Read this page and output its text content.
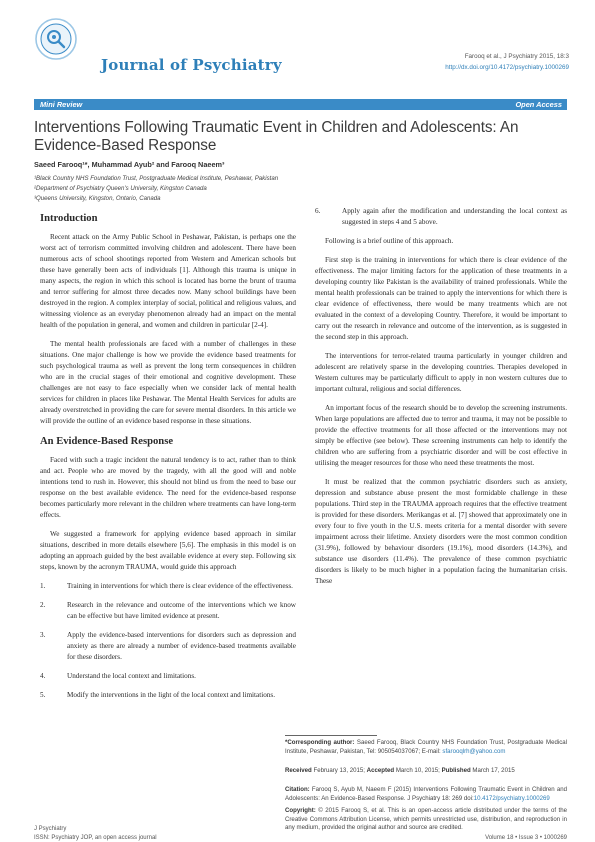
Journal of Psychiatry	Farooq et al., J Psychiatry 2015, 18:3
http://dx.doi.org/10.4172/psychiatry.1000269
Mini Review	Open Access
Interventions Following Traumatic Event in Children and Adolescents: An Evidence-Based Response
Saeed Farooq¹*, Muhammad Ayub² and Farooq Naeem³
¹Black Country NHS Foundation Trust, Postgraduate Medical Institute, Peshawar, Pakistan
²Department of Psychiatry Queen's University, Kingston Canada
³Queens University, Kingston, Ontario, Canada
Introduction

Recent attack on the Army Public School in Peshawar, Pakistan, is perhaps one the worst act of terrorism committed involving children and adolescent. There have been numerous acts of school shootings reported from Western and American schools but these have generally been acts of individuals [1]. Although this trauma is unique in many aspects, the region in which this school is located has borne the brunt of trauma and terror suffering for almost three decades now. Many school buildings have been destroyed in the region. A complex interplay of social, political and religious values, and witnessing violence as an everyday phenomenon already had an impact on the mental health of the population in general, and women and children in particular [2-4].

The mental health professionals are faced with a number of challenges in these situations. One major challenge is how we provide the evidence based treatments for such psychological trauma as well as prevent the long term consequences in children who are in the crucial stages of their emotional and cognitive development. These challenges are not easy to face especially when we consider lack of mental health services for children in places like Peshawar. The Mental Health Services for adults are already overstretched in providing the care for severe mental disorders. In this article we will provide the outline of an evidence based response in these situations.

An Evidence-Based Response

Faced with such a tragic incident the natural tendency is to act, rather than to think and act. People who are moved by the tragedy, with all the good will and noble intentions tend to rush in. However, this should not blind us from the need to base our response on the best available evidence. The need for the evidence-based response becomes particularly more relevant in the children where treatments can have long-term effects.

We suggested a framework for applying evidence based approach in similar situations, described in more details elsewhere [5,6]. The emphasis in this model is on adopting an approach guided by the best available evidence at every step. Following six steps, known by the acronym TRAUMA, would guide this approach

1.	Training in interventions for which there is clear evidence of the effectiveness.
2.	Research in the relevance and outcome of the interventions which we know can be effective but have limited evidence at present.
3.	Apply the evidence-based interventions for disorders such as depression and anxiety as there are already a number of evidence-based treatments available for these disorders.
4.	Understand the local context and limitations.
5.	Modify the interventions in the light of the local context and limitations.
6.	Apply again after the modification and understanding the local context as suggested in steps 4 and 5 above.

Following is a brief outline of this approach.

First step is the training in interventions for which there is clear evidence of the effectiveness. The major limiting factors for the application of these treatments in a developing country like Pakistan is the availability of trained professionals. While the mental health professionals can be trained to apply the interventions for which there is clear evidence of effectiveness, there would be many treatments which are not evaluated in the context of a developing Country. Therefore, it would be important to carry out the research in relevance and outcome of the intervention, as is suggested in the second step in this approach.

The interventions for terror-related trauma particularly in younger children and adolescent are relatively sparse in the developing countries. Therapies developed in Western cultures may be particularly difficult to apply in non western cultures due to important cultural, religious and social differences.

An important focus of the research should be to develop the screening instruments. When large populations are affected due to terror and trauma, it may not be possible to provide the effective treatments for all those affected or the interventions may not simply be effective (see below). These screening instruments can help to identify the children who are suffering from a psychiatric disorder and will be cost effective in utilising the meager resources for those who need these treatments the most.

It must be realized that the common psychiatric disorders such as anxiety, depression and substance abuse present the most formidable challenge in these populations. Third step in the TRAUMA approach requires that the effective treatment is provided for these disorders. Merikangas et al. [7] showed that approximately one in every four to five youth in the U.S. meets criteria for a mental disorder with severe impairment across their lifetime. Anxiety disorders were the most common condition (31.9%), followed by behaviour disorders (19.1%), mood disorders (14.3%), and substance use disorders (11.4%). The prevalence of these common psychiatric disorders is likely to be much higher in a population facing the humanitarian crisis. These

*Corresponding author: Saeed Farooq, Black Country NHS Foundation Trust, Postgraduate Medical Institute, Peshawar, Pakistan, Tel: 905054037067; E-mail: sfarooqlrh@yahoo.com
Received February 13, 2015; Accepted March 10, 2015; Published March 17, 2015
Citation: Farooq S, Ayub M, Naeem F (2015) Interventions Following Traumatic Event in Children and Adolescents: An Evidence-Based Response. J Psychiatry 18: 269 doi:10.4172/psychiatry.1000269
Copyright: © 2015 Farooq S, et al. This is an open-access article distributed under the terms of the Creative Commons Attribution License, which permits unrestricted use, distribution, and reproduction in any medium, provided the original author and source are credited.
J Psychiatry
ISSN: Psychiatry JOP, an open access journal	Volume 18 • Issue 3 • 1000269
